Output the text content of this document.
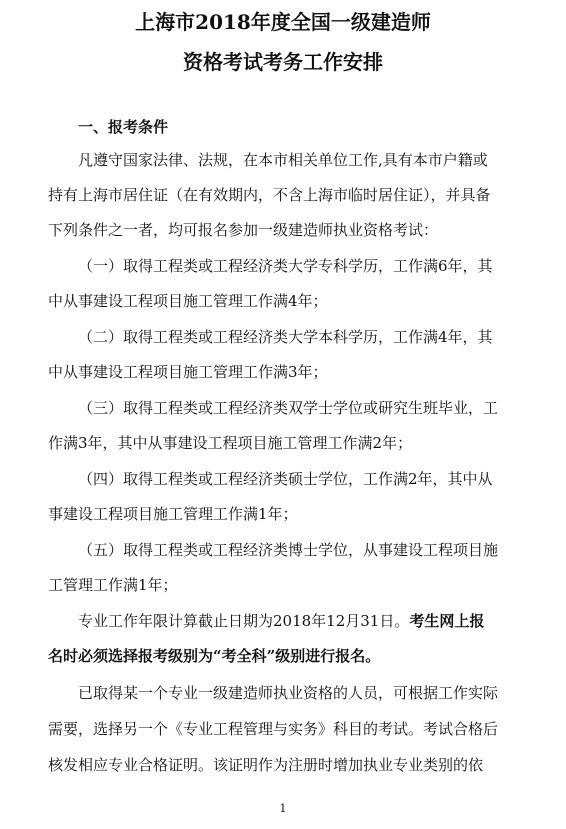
上海市2018年度全国一级建造师
资格考试考务工作安排
一、报考条件

凡遵守国家法律、法规，在本市相关单位工作,具有本市户籍或

持有上海市居住证（在有效期内，不含上海市临时居住证），并具备

下列条件之一者，均可报名参加一级建造师执业资格考试：

（一）取得工程类或工程经济类大学专科学历，工作满6年，其

中从事建设工程项目施工管理工作满4年；

（二）取得工程类或工程经济类大学本科学历，工作满4年，其

中从事建设工程项目施工管理工作满3年；

（三）取得工程类或工程经济类双学士学位或研究生班毕业，工

作满3年，其中从事建设工程项目施工管理工作满2年；

（四）取得工程类或工程经济类硕士学位，工作满2年，其中从

事建设工程项目施工管理工作满1年；

（五）取得工程类或工程经济类博士学位，从事建设工程项目施

工管理工作满1年；

专业工作年限计算截止日期为2018年12月31日。考生网上报

名时必须选择报考级别为“考全科”级别进行报名。

已取得某一个专业一级建造师执业资格的人员，可根据工作实际

需要，选择另一个《专业工程管理与实务》科目的考试。考试合格后

核发相应专业合格证明。该证明作为注册时增加执业专业类别的依

1
